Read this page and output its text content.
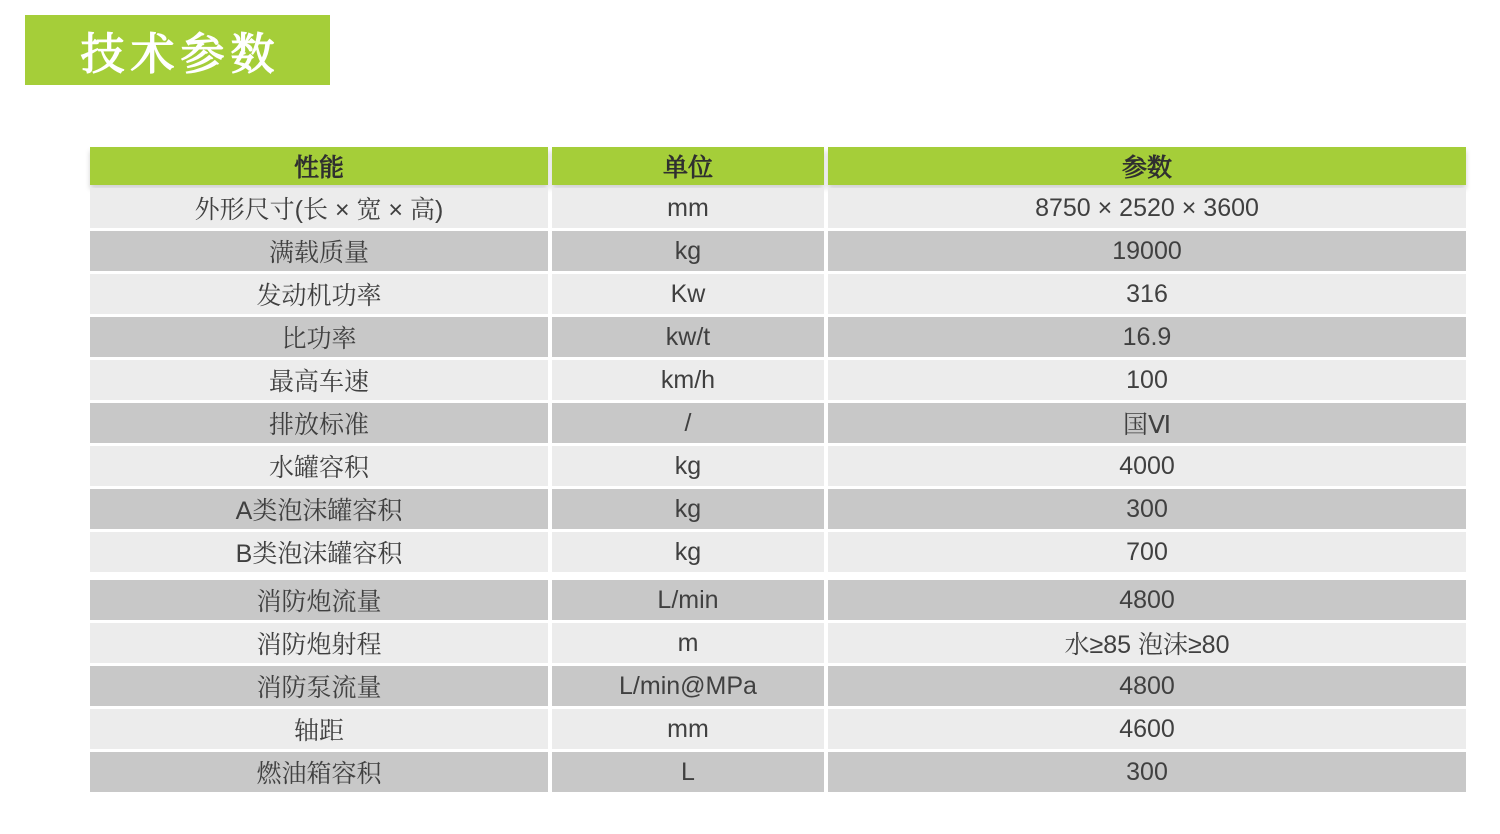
技术参数
性能	单位	参数
外形尺寸(长 × 宽 × 高)	mm	8750 × 2520 × 3600
满载质量	kg	19000
发动机功率	Kw	316
比功率	kw/t	16.9
最高车速	km/h	100
排放标准	/	国Ⅵ
水罐容积	kg	4000
A类泡沫罐容积	kg	300
B类泡沫罐容积	kg	700

消防炮流量	L/min	4800
消防炮射程	m	水≥85 泡沫≥80
消防泵流量	L/min@MPa	4800
轴距	mm	4600
燃油箱容积	L	300
